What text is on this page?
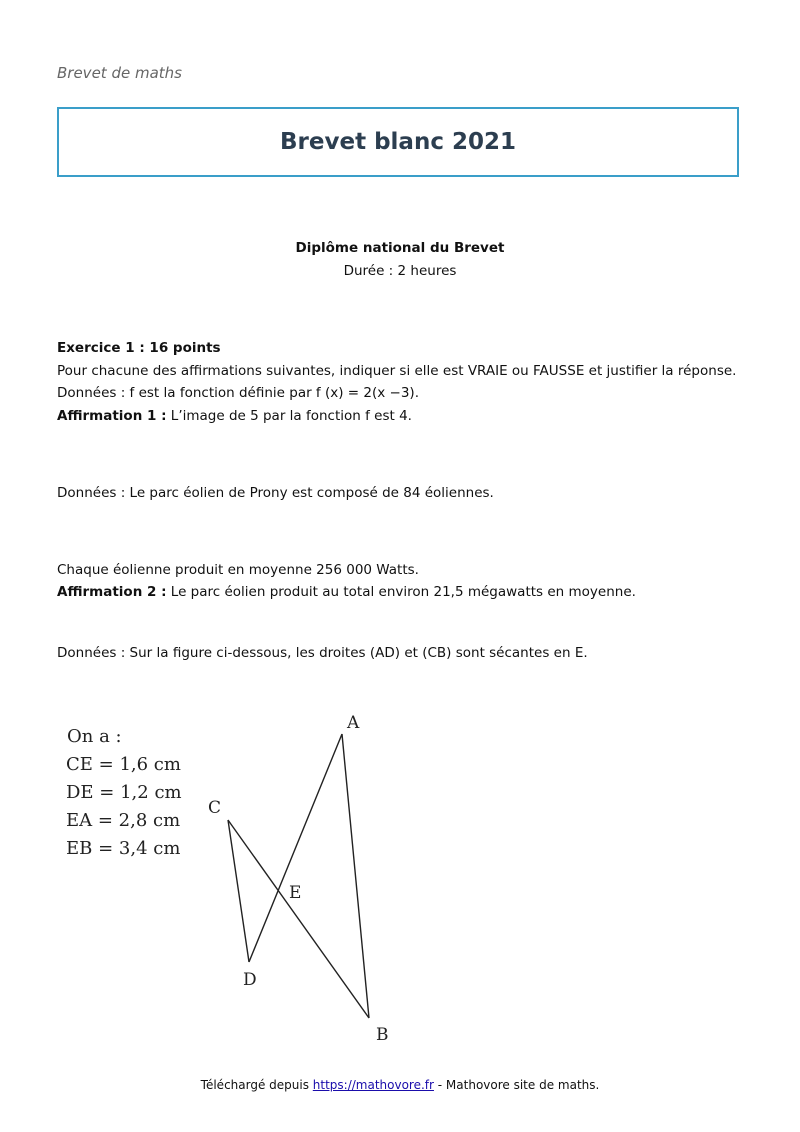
Brevet de maths
Brevet blanc 2021
Diplôme national du Brevet
Durée : 2 heures
Exercice 1 : 16 points
Pour chacune des affirmations suivantes, indiquer si elle est VRAIE ou FAUSSE et justifier la réponse.
Données : f est la fonction définie par f (x) = 2(x −3).
Affirmation 1 : L’image de 5 par la fonction f est 4.
Données : Le parc éolien de Prony est composé de 84 éoliennes.
Chaque éolienne produit en moyenne 256 000 Watts.
Affirmation 2 : Le parc éolien produit au total environ 21,5 mégawatts en moyenne.
Données : Sur la figure ci-dessous, les droites (AD) et (CB) sont sécantes en E.
On a :
CE = 1,6 cm
DE = 1,2 cm
EA = 2,8 cm
EB = 3,4 cm
A
B
C
D
E
Téléchargé depuis https://mathovore.fr - Mathovore site de maths.
